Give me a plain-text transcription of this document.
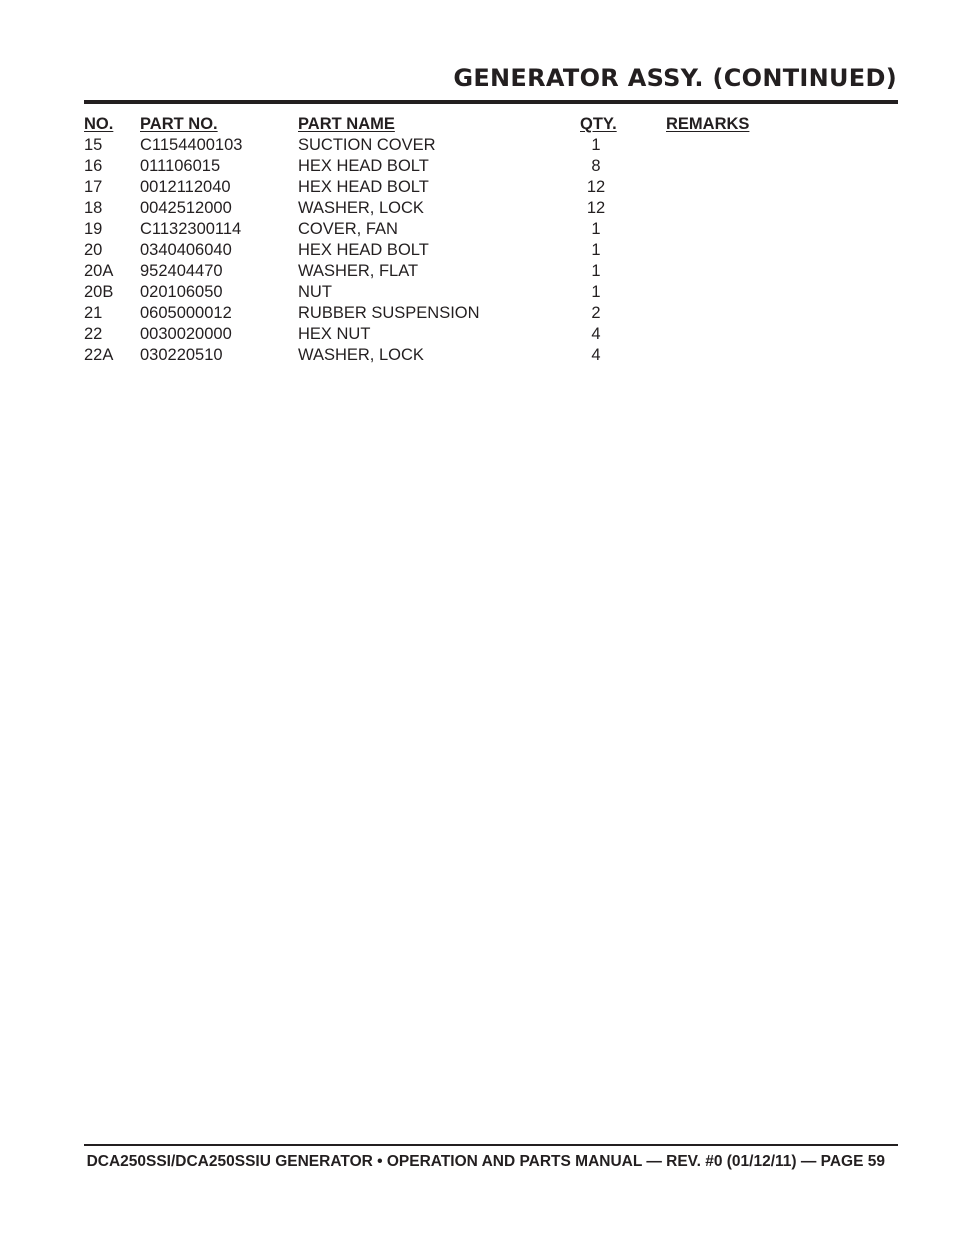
GENERATOR ASSY. (CONTINUED)
NO. PART NO.	PART NAME	QTY.	REMARKS
15 C1154400103	SUCTION COVER	1
16 011106015	HEX HEAD BOLT	8
17 0012112040	HEX HEAD BOLT	12
18 0042512000	WASHER, LOCK	12
19 C1132300114	COVER, FAN	1
20 0340406040	HEX HEAD BOLT	1
20A 952404470	WASHER, FLAT	1
20B 020106050	NUT	1
21 0605000012	RUBBER SUSPENSION	2
22 0030020000	HEX NUT	4
22A 030220510	WASHER, LOCK	4
DCA250SSI/DCA250SSIU GENERATOR • OPERATION AND PARTS MANUAL — REV. #0 (01/12/11) — PAGE 59
